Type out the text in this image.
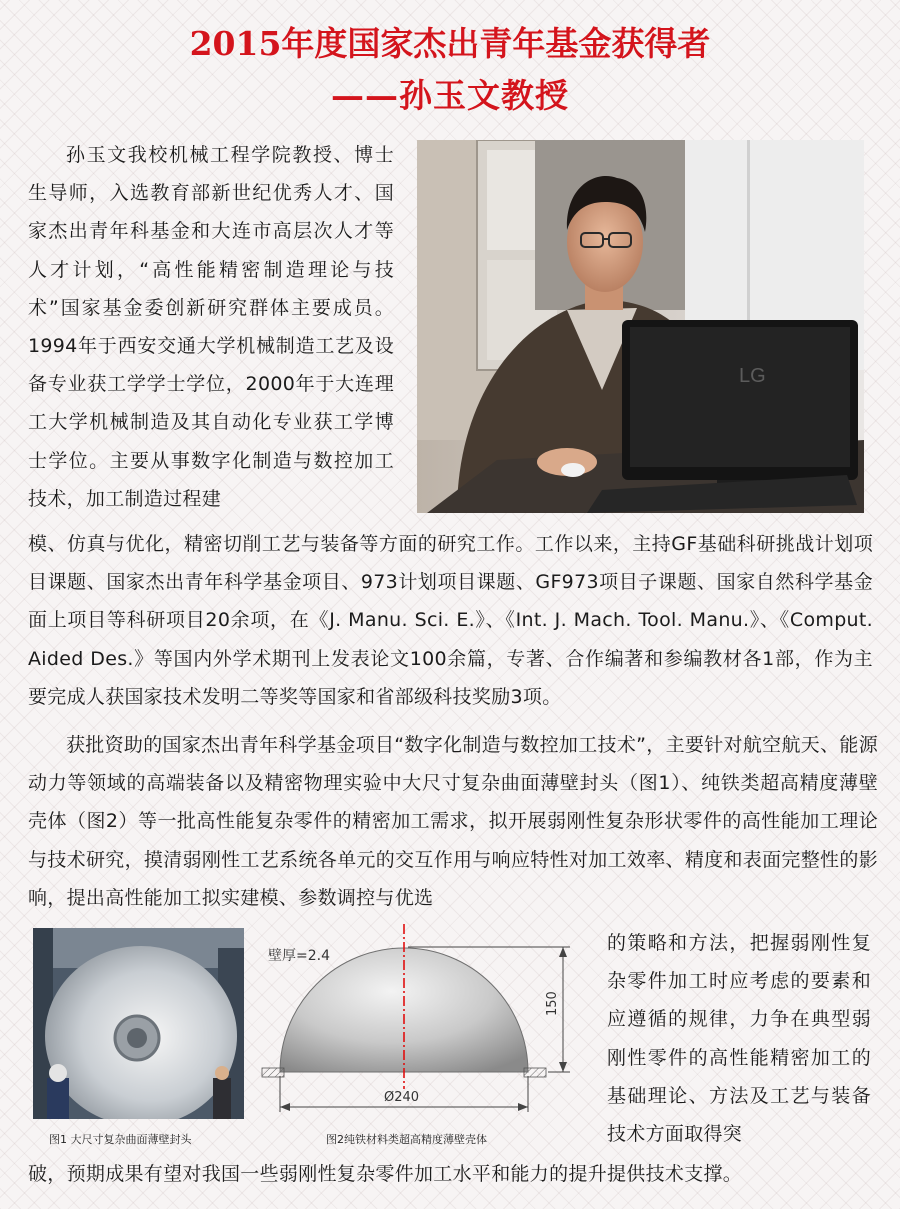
2015年度国家杰出青年基金获得者
——孙玉文教授

孙玉文我校机械工程学院教授、博士生导师，入选教育部新世纪优秀人才、国家杰出青年科基金和大连市高层次人才等人才计划，“高性能精密制造理论与技术”国家基金委创新研究群体主要成员。1994年于西安交通大学机械制造工艺及设备专业获工学学士学位，2000年于大连理工大学机械制造及其自动化专业获工学博士学位。主要从事数字化制造与数控加工技术，加工制造过程建

LG

模、仿真与优化，精密切削工艺与装备等方面的研究工作。工作以来，主持GF基础科研挑战计划项目课题、国家杰出青年科学基金项目、973计划项目课题、GF973项目子课题、国家自然科学基金面上项目等科研项目20余项，在《J. Manu. Sci. E.》、《Int. J. Mach. Tool. Manu.》、《Comput. Aided Des.》等国内外学术期刊上发表论文100余篇，专著、合作编著和参编教材各1部，作为主要完成人获国家技术发明二等奖等国家和省部级科技奖励3项。

获批资助的国家杰出青年科学基金项目“数字化制造与数控加工技术”，主要针对航空航天、能源动力等领域的高端装备以及精密物理实验中大尺寸复杂曲面薄壁封头（图1）、纯铁类超高精度薄壁壳体（图2）等一批高性能复杂零件的精密加工需求，拟开展弱刚性复杂形状零件的高性能加工理论与技术研究，摸清弱刚性工艺系统各单元的交互作用与响应特性对加工效率、精度和表面完整性的影响，提出高性能加工拟实建模、参数调控与优选

壁厚=2.4
150
Ø240

图1 大尺寸复杂曲面薄壁封头	图2纯铁材料类超高精度薄壁壳体

的策略和方法，把握弱刚性复杂零件加工时应考虑的要素和应遵循的规律，力争在典型弱刚性零件的高性能精密加工的基础理论、方法及工艺与装备技术方面取得突

破，预期成果有望对我国一些弱刚性复杂零件加工水平和能力的提升提供技术支撑。
